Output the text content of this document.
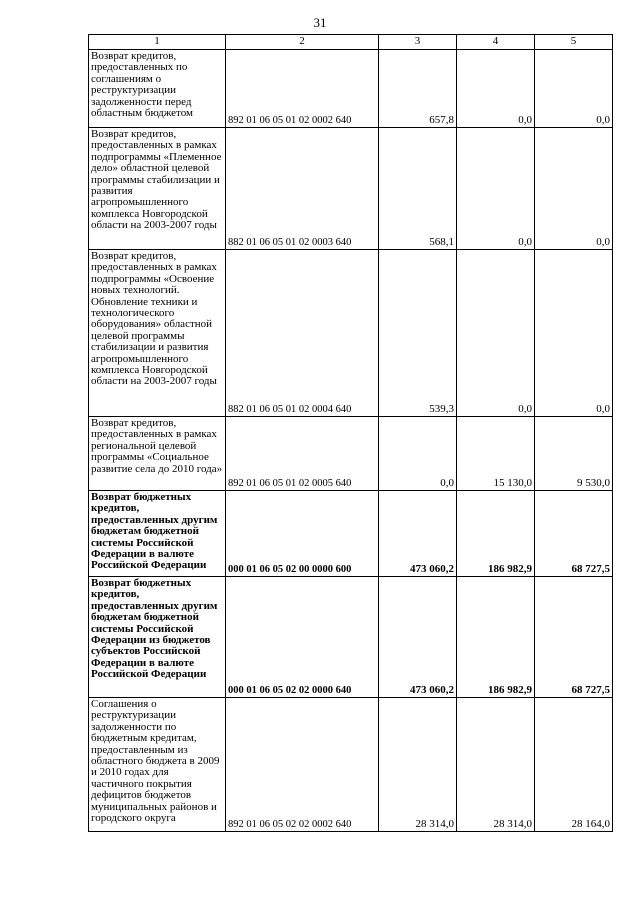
31
1	2	3	4	5
Возврат кредитов, предоставленных по соглашениям о реструктуризации задолженности перед областным бюджетом	892 01 06 05 01 02 0002 640	657,8	0,0	0,0
Возврат кредитов, предоставленных в рамках подпрограммы «Племенное дело» областной целевой программы стабилизации и развития агропромышленного комплекса Новгородской области на 2003-2007 годы	882 01 06 05 01 02 0003 640	568,1	0,0	0,0
Возврат кредитов, предоставленных в рамках подпрограммы «Освоение новых технологий. Обновление техники и технологического оборудования» областной целевой программы стабилизации и развития агропромышленного комплекса Новгородской области на 2003-2007 годы	882 01 06 05 01 02 0004 640	539,3	0,0	0,0
Возврат кредитов, предоставленных в рамках региональной целевой программы «Социальное развитие села до 2010 года»	892 01 06 05 01 02 0005 640	0,0	15 130,0	9 530,0
Возврат бюджетных кредитов, предоставленных другим бюджетам бюджетной системы Российской Федерации в валюте Российской Федерации	000 01 06 05 02 00 0000 600	473 060,2	186 982,9	68 727,5
Возврат бюджетных кредитов, предоставленных другим бюджетам бюджетной системы Российской Федерации из бюджетов субъектов Российской Федерации в валюте Российской Федерации	000 01 06 05 02 02 0000 640	473 060,2	186 982,9	68 727,5
Соглашения о реструктуризации задолженности по бюджетным кредитам, предоставленным из областного бюджета в 2009 и 2010 годах для частичного покрытия дефицитов бюджетов муниципальных районов и городского округа	892 01 06 05 02 02 0002 640	28 314,0	28 314,0	28 164,0
